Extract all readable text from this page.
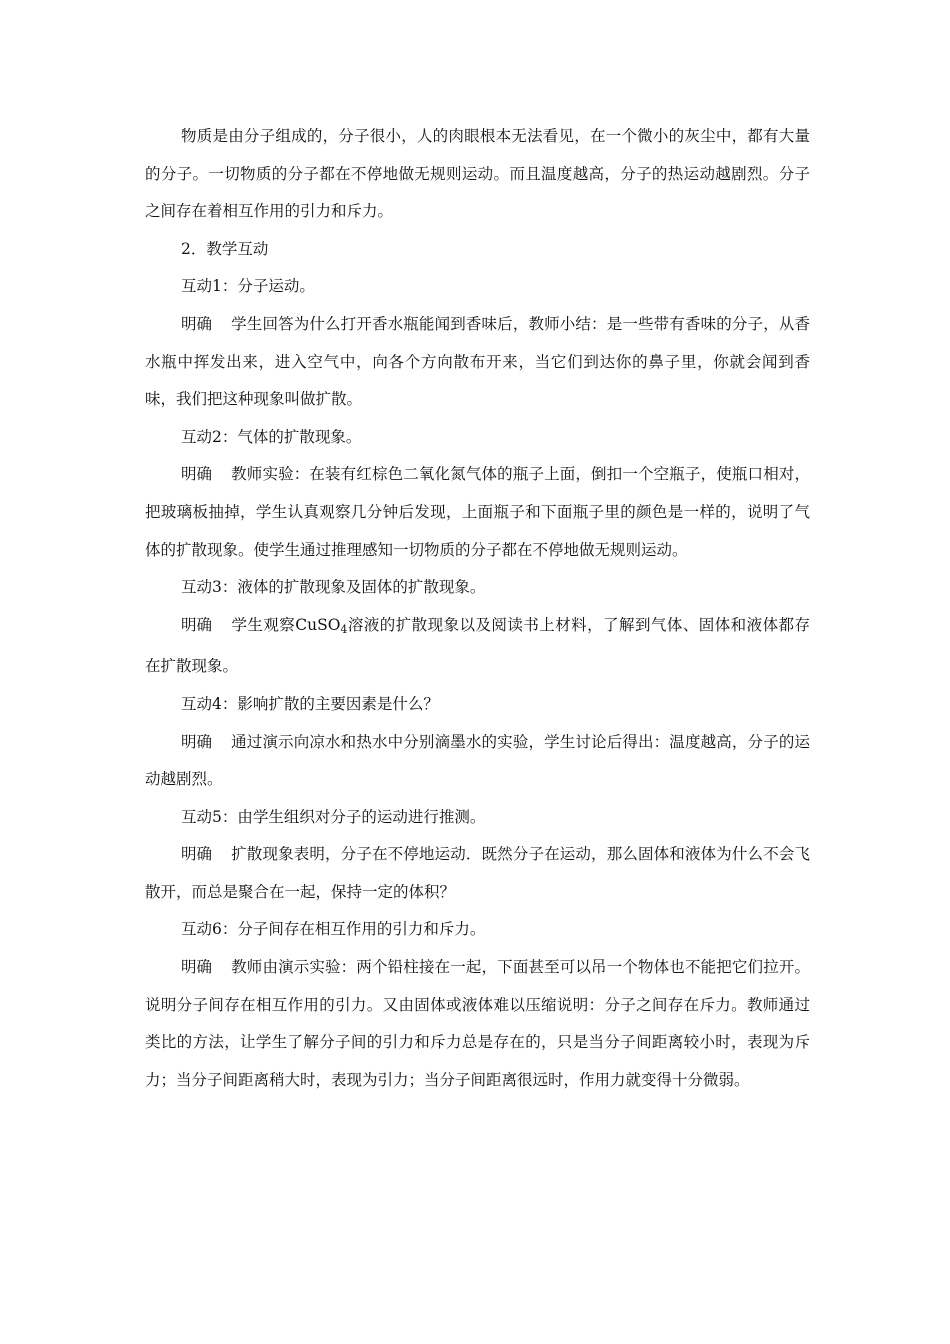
物质是由分子组成的，分子很小，人的肉眼根本无法看见，在一个微小的灰尘中，都有大量的分子。一切物质的分子都在不停地做无规则运动。而且温度越高，分子的热运动越剧烈。分子之间存在着相互作用的引力和斥力。

2．教学互动

互动1：分子运动。

明确 学生回答为什么打开香水瓶能闻到香味后，教师小结：是一些带有香味的分子，从香水瓶中挥发出来，进入空气中，向各个方向散布开来，当它们到达你的鼻子里，你就会闻到香味，我们把这种现象叫做扩散。

互动2：气体的扩散现象。

明确 教师实验：在装有红棕色二氧化氮气体的瓶子上面，倒扣一个空瓶子，使瓶口相对，把玻璃板抽掉，学生认真观察几分钟后发现，上面瓶子和下面瓶子里的颜色是一样的，说明了气体的扩散现象。使学生通过推理感知一切物质的分子都在不停地做无规则运动。

互动3：液体的扩散现象及固体的扩散现象。

明确 学生观察CuSO$_4$溶液的扩散现象以及阅读书上材料，了解到气体、固体和液体都存在扩散现象。

互动4：影响扩散的主要因素是什么？

明确 通过演示向凉水和热水中分别滴墨水的实验，学生讨论后得出：温度越高，分子的运动越剧烈。

互动5：由学生组织对分子的运动进行推测。

明确 扩散现象表明，分子在不停地运动．既然分子在运动，那么固体和液体为什么不会飞散开，而总是聚合在一起，保持一定的体积？

互动6：分子间存在相互作用的引力和斥力。

明确 教师由演示实验：两个铅柱接在一起，下面甚至可以吊一个物体也不能把它们拉开。说明分子间存在相互作用的引力。又由固体或液体难以压缩说明：分子之间存在斥力。教师通过类比的方法，让学生了解分子间的引力和斥力总是存在的，只是当分子间距离较小时，表现为斥力；当分子间距离稍大时，表现为引力；当分子间距离很远时，作用力就变得十分微弱。
